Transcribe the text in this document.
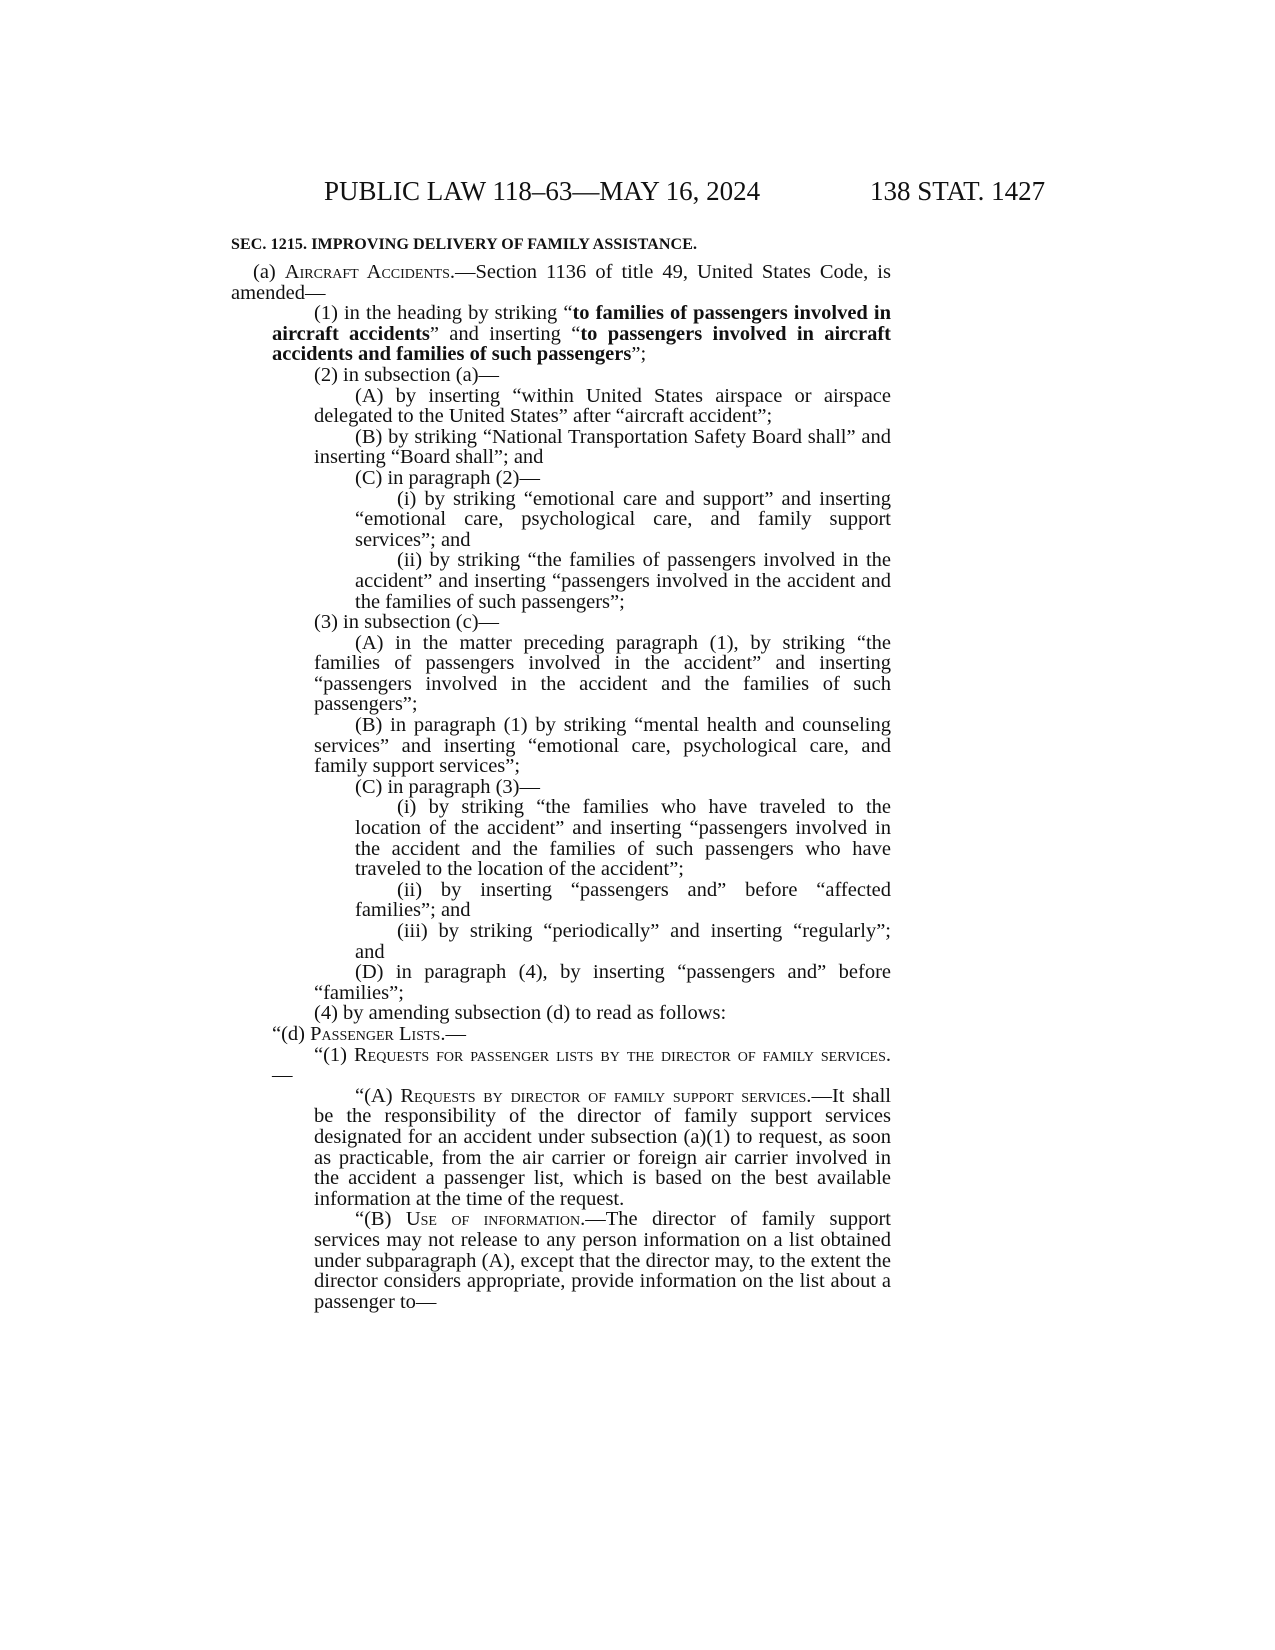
PUBLIC LAW 118–63—MAY 16, 2024	138 STAT. 1427
SEC. 1215. IMPROVING DELIVERY OF FAMILY ASSISTANCE.

(a) Aircraft Accidents.—Section 1136 of title 49, United States Code, is amended—

(1) in the heading by striking “to families of passengers involved in aircraft accidents” and inserting “to passengers involved in aircraft accidents and families of such passengers”;

(2) in subsection (a)—

(A) by inserting “within United States airspace or airspace delegated to the United States” after “aircraft accident”;

(B) by striking “National Transportation Safety Board shall” and inserting “Board shall”; and

(C) in paragraph (2)—

(i) by striking “emotional care and support” and inserting “emotional care, psychological care, and family support services”; and

(ii) by striking “the families of passengers involved in the accident” and inserting “passengers involved in the accident and the families of such passengers”;

(3) in subsection (c)—

(A) in the matter preceding paragraph (1), by striking “the families of passengers involved in the accident” and inserting “passengers involved in the accident and the families of such passengers”;

(B) in paragraph (1) by striking “mental health and counseling services” and inserting “emotional care, psychological care, and family support services”;

(C) in paragraph (3)—

(i) by striking “the families who have traveled to the location of the accident” and inserting “passengers involved in the accident and the families of such passengers who have traveled to the location of the accident”;

(ii) by inserting “passengers and” before “affected families”; and

(iii) by striking “periodically” and inserting “regularly”; and

(D) in paragraph (4), by inserting “passengers and” before “families”;

(4) by amending subsection (d) to read as follows:

“(d) Passenger Lists.—

“(1) Requests for passenger lists by the director of family services.—

“(A) Requests by director of family support services.—It shall be the responsibility of the director of family support services designated for an accident under subsection (a)(1) to request, as soon as practicable, from the air carrier or foreign air carrier involved in the accident a passenger list, which is based on the best available information at the time of the request.

“(B) Use of information.—The director of family support services may not release to any person information on a list obtained under subparagraph (A), except that the director may, to the extent the director considers appropriate, provide information on the list about a passenger to—
